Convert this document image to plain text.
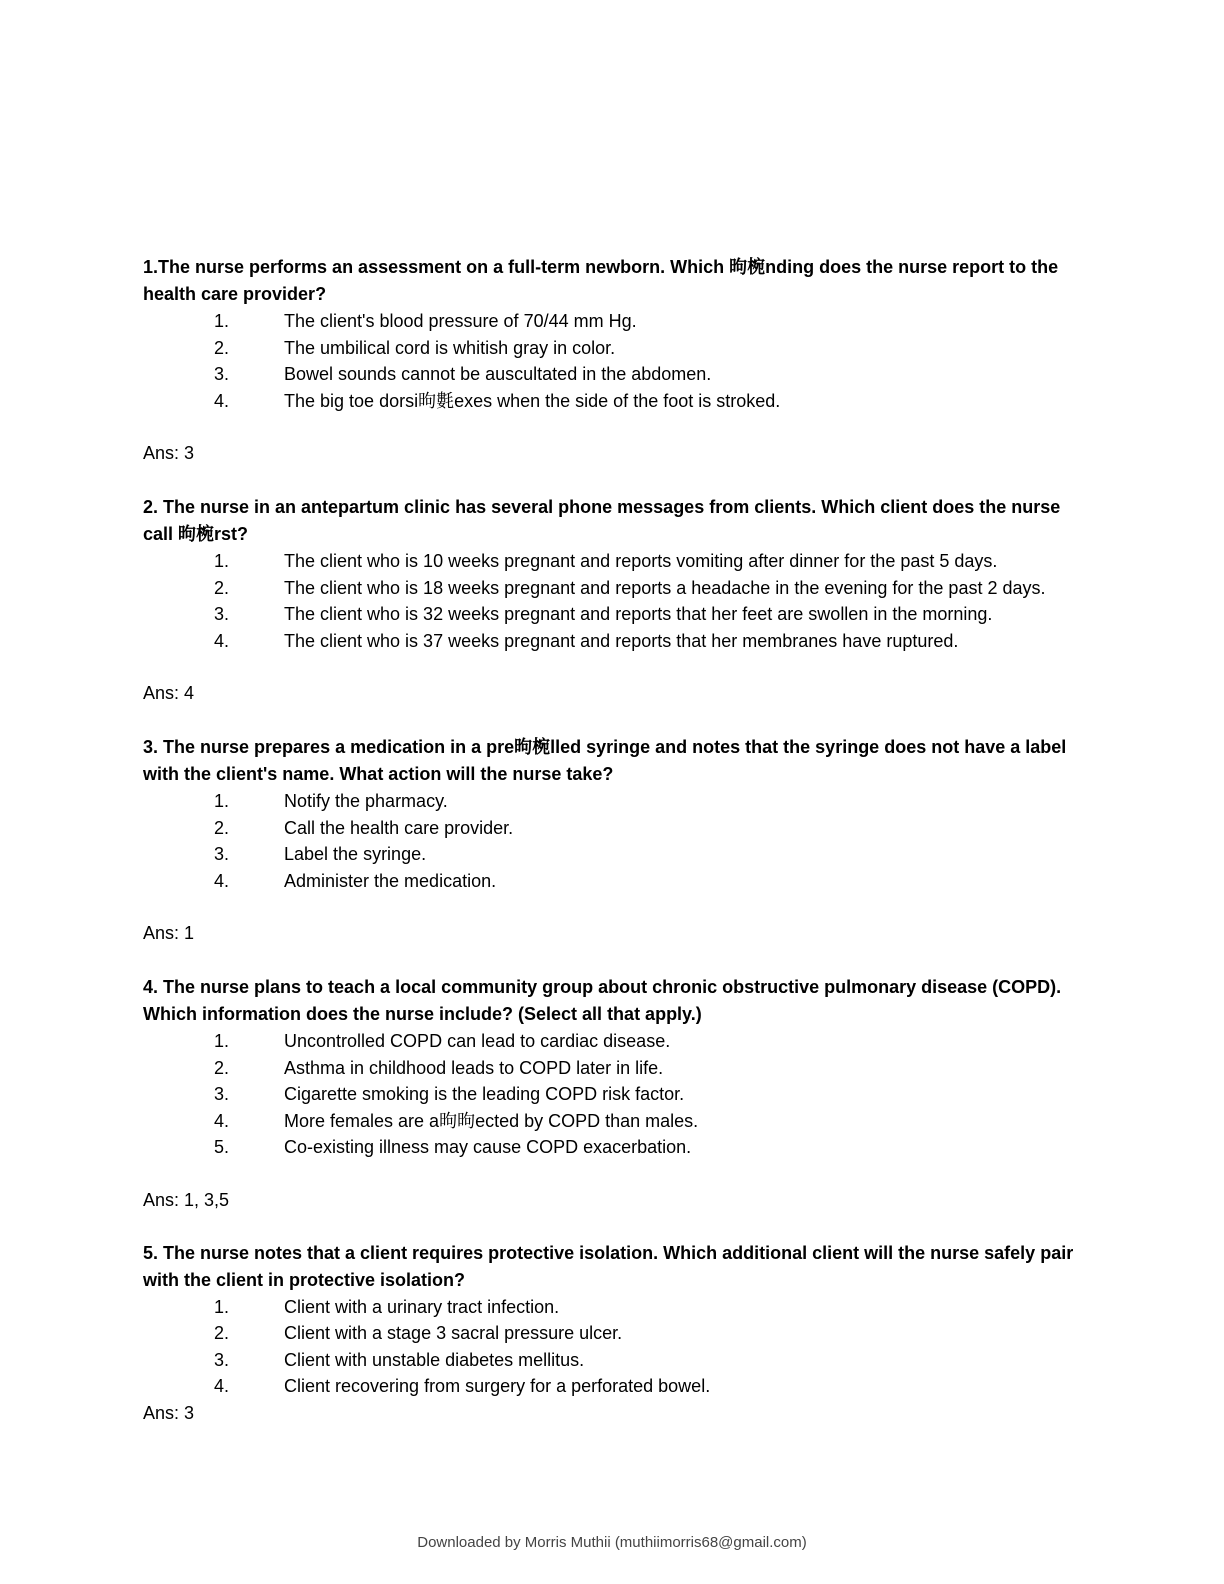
1.The nurse performs an assessment on a full-term newborn. Which 昫椀nding does the nurse report to the health care provider?

1.	The client's blood pressure of 70/44 mm Hg.

2.	The umbilical cord is whitish gray in color.

3.	Bowel sounds cannot be auscultated in the abdomen.

4.	The big toe dorsi昫氀exes when the side of the foot is stroked.

Ans: 3

2. The nurse in an antepartum clinic has several phone messages from clients. Which client does the nurse call 昫椀rst?

1.	The client who is 10 weeks pregnant and reports vomiting after dinner for the past 5 days.

2.	The client who is 18 weeks pregnant and reports a headache in the evening for the past 2 days.

3.	The client who is 32 weeks pregnant and reports that her feet are swollen in the morning.

4.	The client who is 37 weeks pregnant and reports that her membranes have ruptured.

Ans: 4

3. The nurse prepares a medication in a pre昫椀lled syringe and notes that the syringe does not have a label with the client's name. What action will the nurse take?

1.	Notify the pharmacy.

2.	Call the health care provider.

3.	Label the syringe.

4.	Administer the medication.

Ans: 1

4. The nurse plans to teach a local community group about chronic obstructive pulmonary disease (COPD). Which information does the nurse include? (Select all that apply.)

1.	Uncontrolled COPD can lead to cardiac disease.

2.	Asthma in childhood leads to COPD later in life.

3.	Cigarette smoking is the leading COPD risk factor.

4.	More females are a昫昫ected by COPD than males.

5.	Co-existing illness may cause COPD exacerbation.

Ans: 1, 3,5

5. The nurse notes that a client requires protective isolation. Which additional client will the nurse safely pair with the client in protective isolation?

1.	Client with a urinary tract infection.

2.	Client with a stage 3 sacral pressure ulcer.

3.	Client with unstable diabetes mellitus.

4.	Client recovering from surgery for a perforated bowel.

Ans: 3

Downloaded by Morris Muthii (muthiimorris68@gmail.com)
